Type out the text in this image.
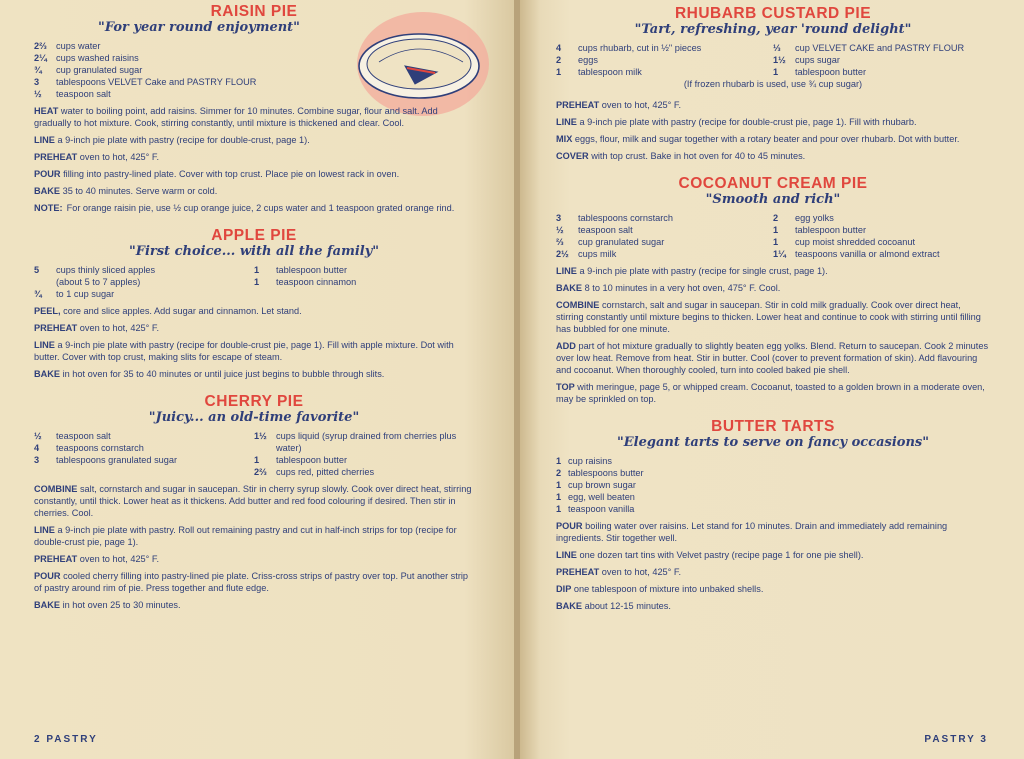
RAISIN PIE
"For year round enjoyment"
2⅔	cups water
2¼	cups washed raisins
¾	cup granulated sugar
3	tablespoons VELVET Cake and PASTRY FLOUR
½	teaspoon salt

HEAT water to boiling point, add raisins. Simmer for 10 minutes. Combine sugar, flour and salt. Add gradually to hot mixture. Cook, stirring constantly, until mixture is thickened and clear. Cool.

LINE a 9-inch pie plate with pastry (recipe for double-crust, page 1).

PREHEAT oven to hot, 425° F.

POUR filling into pastry-lined plate. Cover with top crust. Place pie on lowest rack in oven.

BAKE 35 to 40 minutes. Serve warm or cold.

NOTE: For orange raisin pie, use ½ cup orange juice, 2 cups water and 1 teaspoon grated orange rind.
APPLE PIE
"First choice... with all the family"
5	cups thinly sliced apples
(about 5 to 7 apples)
¾	to 1 cup sugar
1	tablespoon butter
1	teaspoon cinnamon

PEEL, core and slice apples. Add sugar and cinnamon. Let stand.

PREHEAT oven to hot, 425° F.

LINE a 9-inch pie plate with pastry (recipe for double-crust pie, page 1). Fill with apple mixture. Dot with butter. Cover with top crust, making slits for escape of steam.

BAKE in hot oven for 35 to 40 minutes or until juice just begins to bubble through slits.

CHERRY PIE
"Juicy... an old-time favorite"
½	teaspoon salt
4	teaspoons cornstarch
3	tablespoons granulated sugar
1½	cups liquid (syrup drained from cherries plus water)
1	tablespoon butter
2⅔	cups red, pitted cherries

COMBINE salt, cornstarch and sugar in saucepan. Stir in cherry syrup slowly. Cook over direct heat, stirring constantly, until thick. Lower heat as it thickens. Add butter and red food colouring if desired. Then stir in cherries. Cool.

LINE a 9-inch pie plate with pastry. Roll out remaining pastry and cut in half-inch strips for top (recipe for double-crust pie, page 1).

PREHEAT oven to hot, 425° F.

POUR cooled cherry filling into pastry-lined pie plate. Criss-cross strips of pastry over top. Put another strip of pastry around rim of pie. Press together and flute edge.

BAKE in hot oven 25 to 30 minutes.

2 PASTRY
RHUBARB CUSTARD PIE
"Tart, refreshing, year 'round delight"
4	cups rhubarb, cut in ½" pieces
2	eggs
1	tablespoon milk
⅓	cup VELVET CAKE and PASTRY FLOUR
1½	cups sugar
1	tablespoon butter
(If frozen rhubarb is used, use ¾ cup sugar)

PREHEAT oven to hot, 425° F.

LINE a 9-inch pie plate with pastry (recipe for double-crust pie, page 1). Fill with rhubarb.

MIX eggs, flour, milk and sugar together with a rotary beater and pour over rhubarb. Dot with butter.

COVER with top crust. Bake in hot oven for 40 to 45 minutes.

COCOANUT CREAM PIE
"Smooth and rich"
3	tablespoons cornstarch
½	teaspoon salt
⅔	cup granulated sugar
2½	cups milk
2	egg yolks
1	tablespoon butter
1	cup moist shredded cocoanut
1¼	teaspoons vanilla or almond extract

LINE a 9-inch pie plate with pastry (recipe for single crust, page 1).

BAKE 8 to 10 minutes in a very hot oven, 475° F. Cool.

COMBINE cornstarch, salt and sugar in saucepan. Stir in cold milk gradually. Cook over direct heat, stirring constantly until mixture begins to thicken. Lower heat and continue to cook with stirring until filling has bubbled for one minute.

ADD part of hot mixture gradually to slightly beaten egg yolks. Blend. Return to saucepan. Cook 2 minutes over low heat. Remove from heat. Stir in butter. Cool (cover to prevent formation of skin). Add flavouring and cocoanut. When thoroughly cooled, turn into cooled baked pie shell.

TOP with meringue, page 5, or whipped cream. Cocoanut, toasted to a golden brown in a moderate oven, may be sprinkled on top.

BUTTER TARTS
"Elegant tarts to serve on fancy occasions"
1 cup raisins
2 tablespoons butter
1 cup brown sugar
1 egg, well beaten
1 teaspoon vanilla

POUR boiling water over raisins. Let stand for 10 minutes. Drain and immediately add remaining ingredients. Stir together well.

LINE one dozen tart tins with Velvet pastry (recipe page 1 for one pie shell).

PREHEAT oven to hot, 425° F.

DIP one tablespoon of mixture into unbaked shells.

BAKE about 12-15 minutes.

PASTRY 3
